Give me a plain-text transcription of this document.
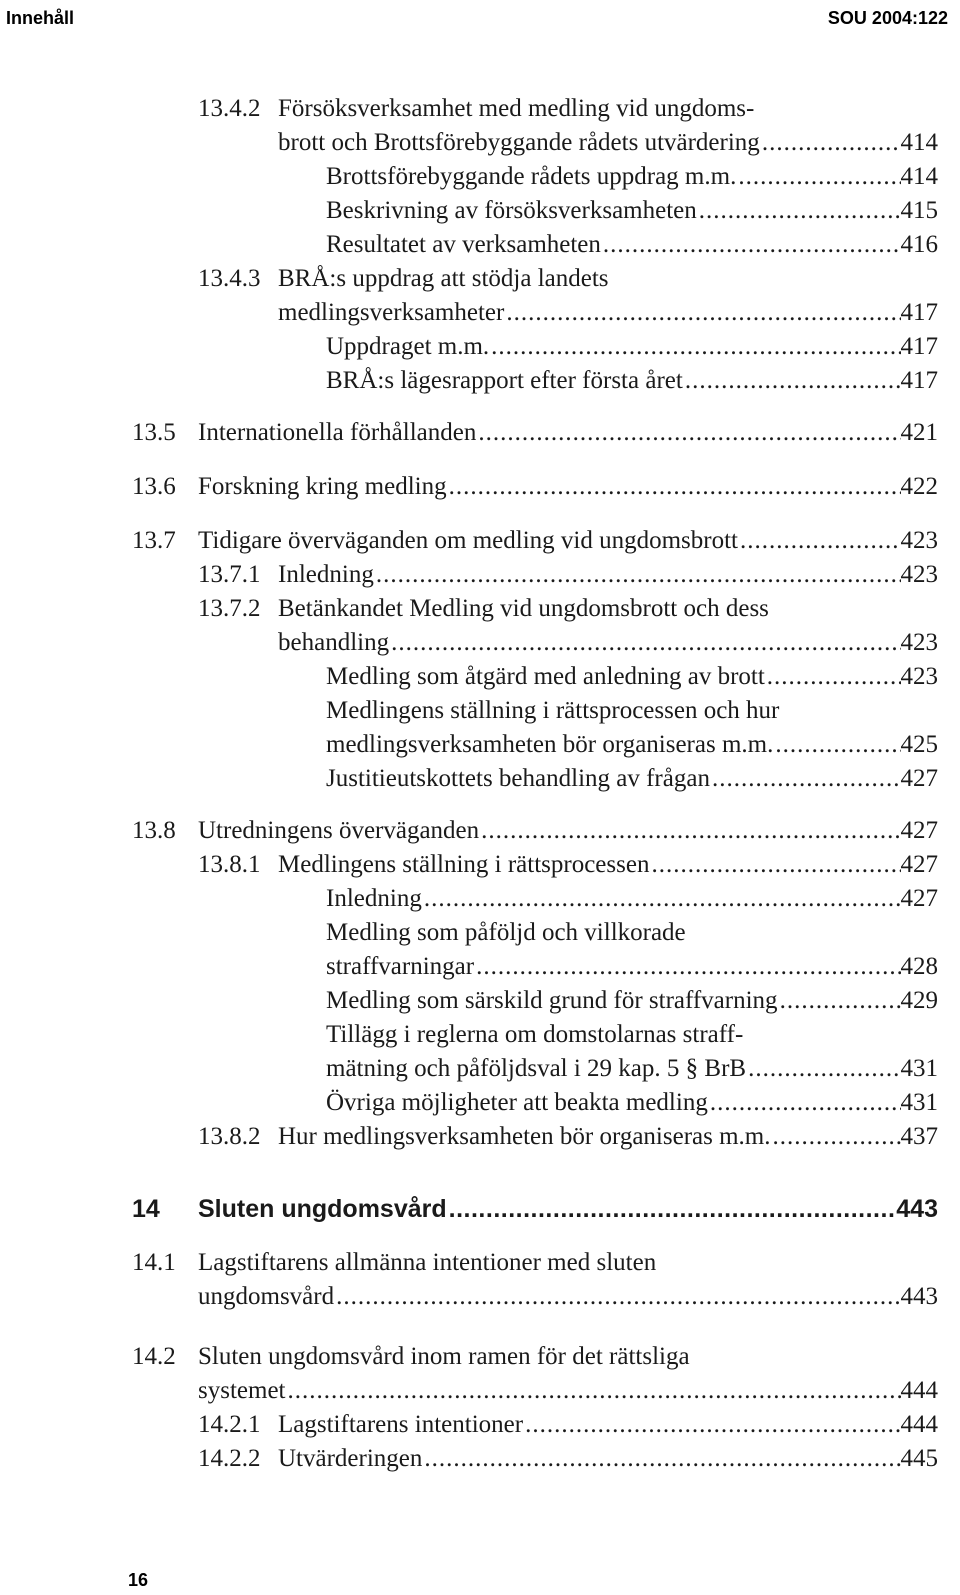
Innehåll	SOU 2004:122
13.4.2 Försöksverksamhet med medling vid ungdoms-
brott och Brottsförebyggande rådets utvärdering .....	414
Brottsförebyggande rådets uppdrag m.m. .....	414
Beskrivning av försöksverksamheten .....	415
Resultatet av verksamheten .....	416
13.4.3 BRÅ:s uppdrag att stödja landets
medlingsverksamheter .....	417
Uppdraget m.m. .....	417
BRÅ:s lägesrapport efter första året .....	417
13.5 Internationella förhållanden .....	421
13.6 Forskning kring medling .....	422
13.7 Tidigare överväganden om medling vid ungdomsbrott .....	423
13.7.1 Inledning .....	423
13.7.2 Betänkandet Medling vid ungdomsbrott och dess
behandling .....	423
Medling som åtgärd med anledning av brott .....	423
Medlingens ställning i rättsprocessen och hur
medlingsverksamheten bör organiseras m.m. .....	425
Justitieutskottets behandling av frågan .....	427
13.8 Utredningens överväganden .....	427
13.8.1 Medlingens ställning i rättsprocessen .....	427
Inledning .....	427
Medling som påföljd och villkorade
straffvarningar .....	428
Medling som särskild grund för straffvarning .....	429
Tillägg i reglerna om domstolarnas straff-
mätning och påföljdsval i 29 kap. 5 § BrB .....	431
Övriga möjligheter att beakta medling .....	431
13.8.2 Hur medlingsverksamheten bör organiseras m.m. .....	437
14 Sluten ungdomsvård .....	443
14.1 Lagstiftarens allmänna intentioner med sluten
ungdomsvård .....	443
14.2 Sluten ungdomsvård inom ramen för det rättsliga
systemet .....	444
14.2.1 Lagstiftarens intentioner .....	444
14.2.2 Utvärderingen .....	445
16
